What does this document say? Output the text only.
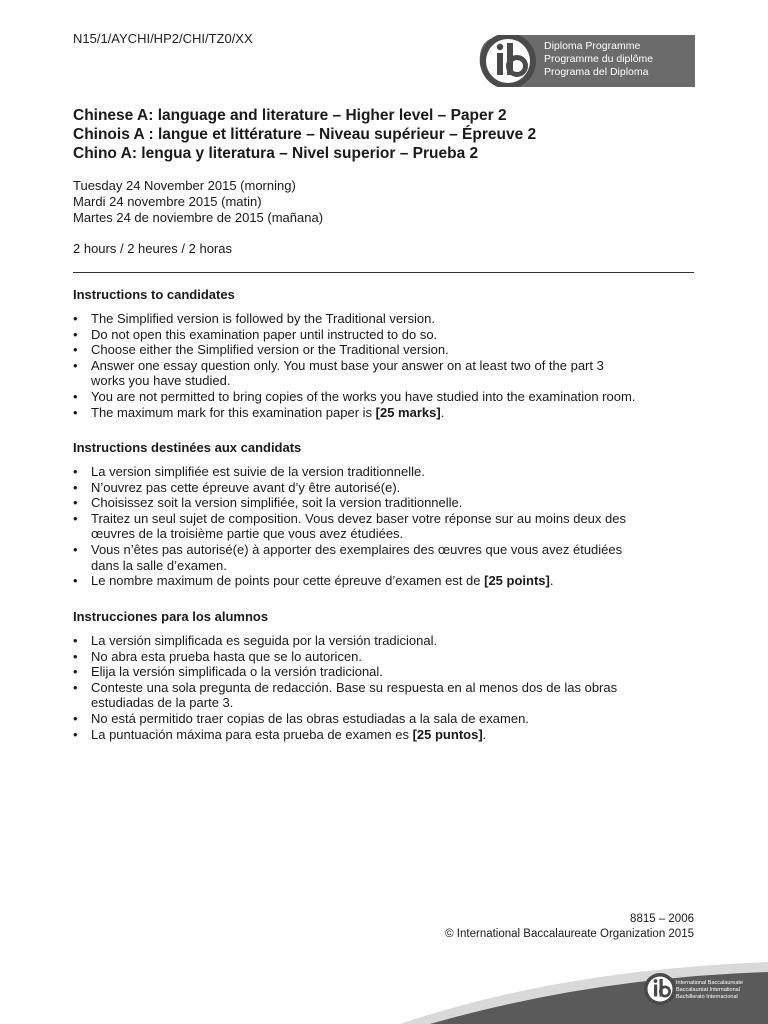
N15/1/AYCHI/HP2/CHI/TZ0/XX	Diploma Programme
Programme du diplôme
Programa del Diploma
Chinese A: language and literature – Higher level – Paper 2
Chinois A : langue et littérature – Niveau supérieur – Épreuve 2
Chino A: lengua y literatura – Nivel superior – Prueba 2
Tuesday 24 November 2015 (morning)
Mardi 24 novembre 2015 (matin)
Martes 24 de noviembre de 2015 (mañana)
2 hours / 2 heures / 2 horas
Instructions to candidates
• The Simplified version is followed by the Traditional version.
• Do not open this examination paper until instructed to do so.
• Choose either the Simplified version or the Traditional version.
• Answer one essay question only. You must base your answer on at least two of the part 3
works you have studied.
• You are not permitted to bring copies of the works you have studied into the examination room.
• The maximum mark for this examination paper is [25 marks].
Instructions destinées aux candidats
• La version simplifiée est suivie de la version traditionnelle.
• N’ouvrez pas cette épreuve avant d’y être autorisé(e).
• Choisissez soit la version simplifiée, soit la version traditionnelle.
• Traitez un seul sujet de composition. Vous devez baser votre réponse sur au moins deux des
œuvres de la troisième partie que vous avez étudiées.
• Vous n’êtes pas autorisé(e) à apporter des exemplaires des œuvres que vous avez étudiées
dans la salle d’examen.
• Le nombre maximum de points pour cette épreuve d’examen est de [25 points].
Instrucciones para los alumnos
• La versión simplificada es seguida por la versión tradicional.
• No abra esta prueba hasta que se lo autoricen.
• Elija la versión simplificada o la versión tradicional.
• Conteste una sola pregunta de redacción. Base su respuesta en al menos dos de las obras
estudiadas de la parte 3.
• No está permitido traer copias de las obras estudiadas a la sala de examen.
• La puntuación máxima para esta prueba de examen es [25 puntos].
8815 – 2006
© International Baccalaureate Organization 2015
International Baccalaureate
Baccalauréat International
Bachillerato Internacional
